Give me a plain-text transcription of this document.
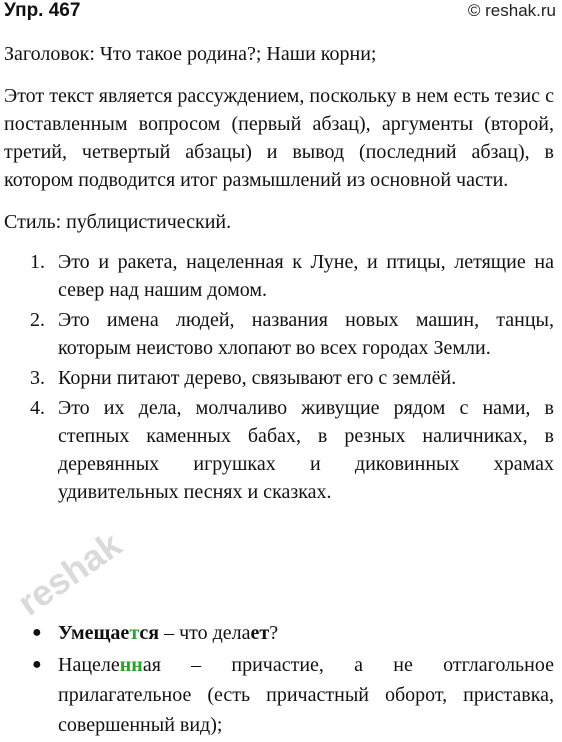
Упр. 467	© reshak.ru

Заголовок: Что такое родина?; Наши корни;

Этот текст является рассуждением, поскольку в нем есть тезис с поставленным вопросом (первый абзац), аргументы (второй, третий, четвертый абзацы) и вывод (последний абзац), в котором подводится итог размышлений из основной части.

Стиль: публицистический.

1. Это и ракета, нацеленная к Луне, и птицы, летящие на север над нашим домом.
2. Это имена людей, названия новых машин, танцы, которым неистово хлопают во всех городах Земли.
3. Корни питают дерево, связывают его с землёй.
4. Это их дела, молчаливо живущие рядом с нами, в степных каменных бабах, в резных наличниках, в деревянных игрушках и диковинных храмах удивительных песнях и сказках.
● Умещается – что делает?
● Нацеленная – причастие, а не отглагольное прилагательное (есть причастный оборот, приставка, совершенный вид);
reshak
